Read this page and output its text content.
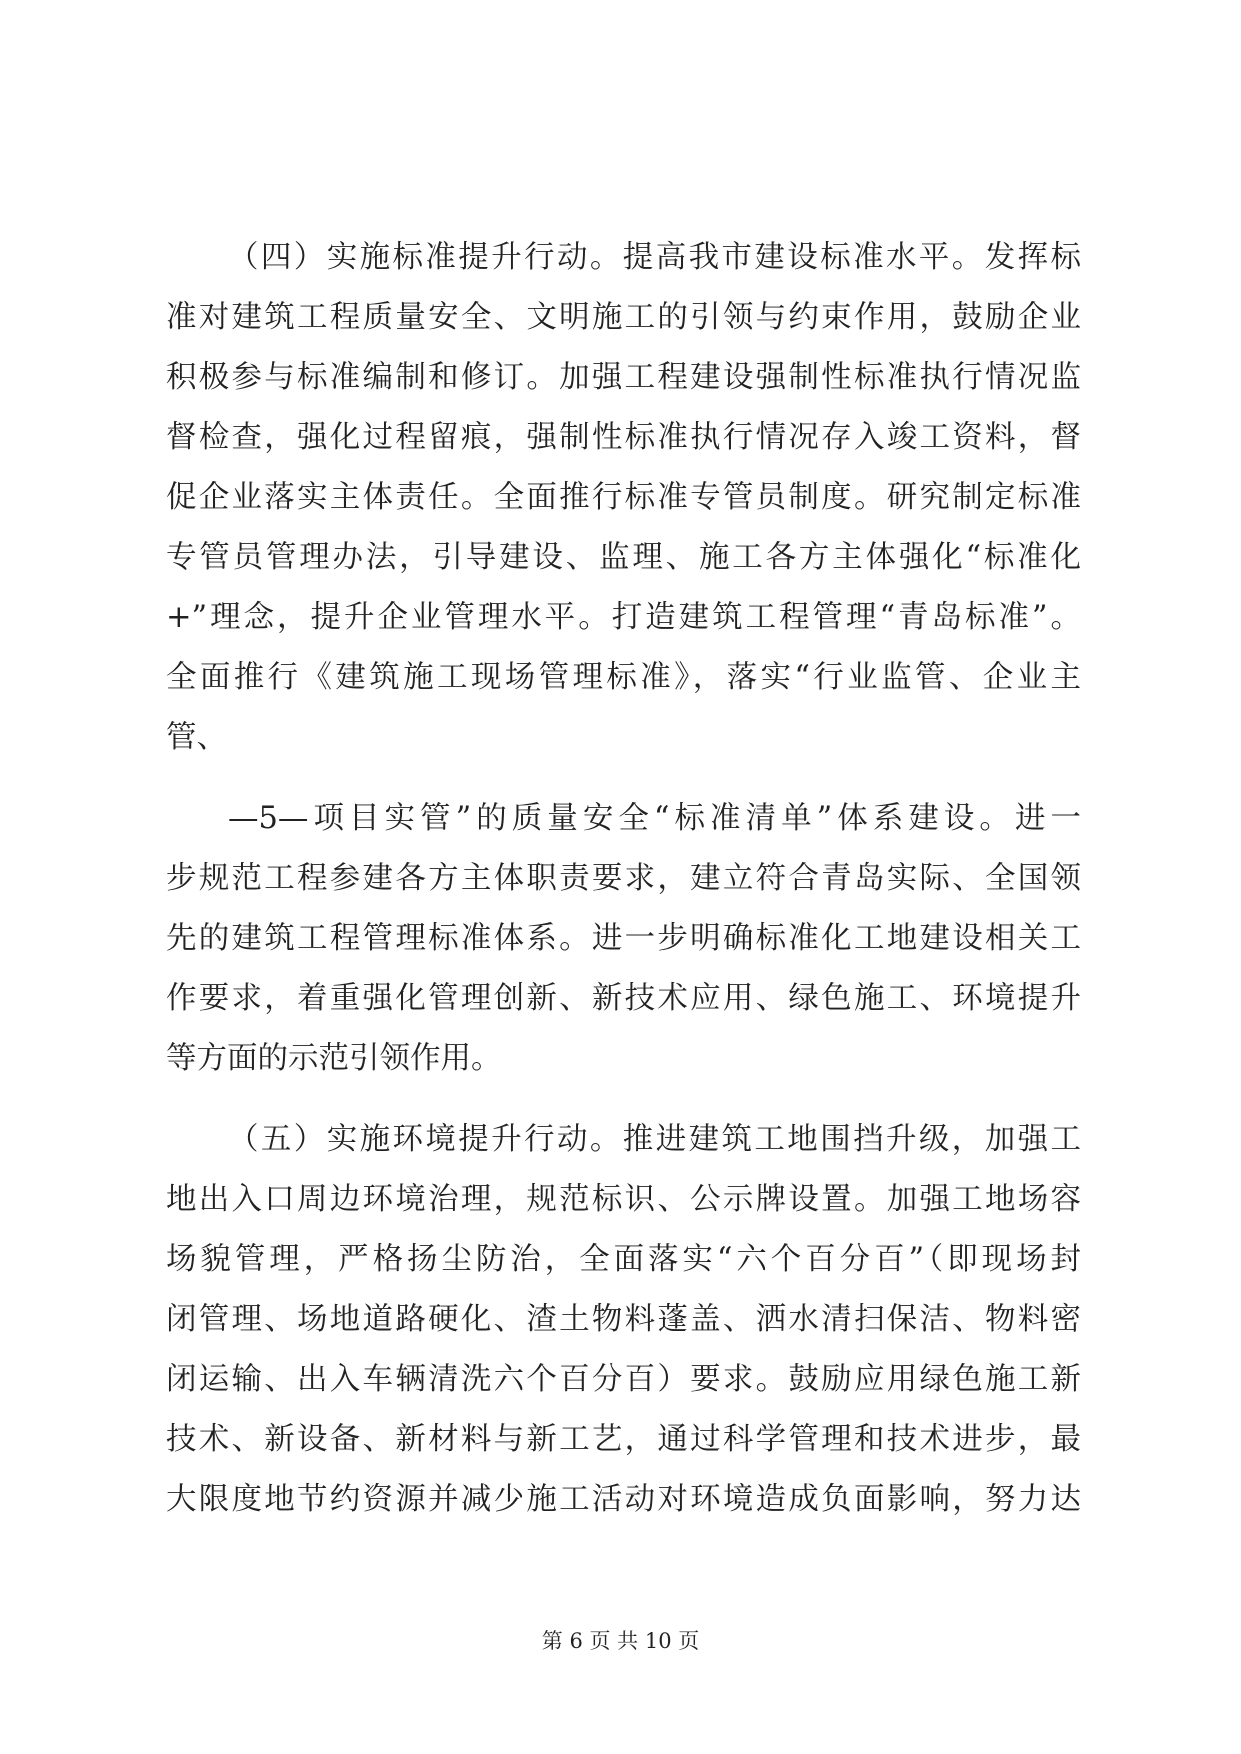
（四）实施标准提升行动。提高我市建设标准水平。发挥标
准对建筑工程质量安全、文明施工的引领与约束作用，鼓励企业
积极参与标准编制和修订。加强工程建设强制性标准执行情况监
督检查，强化过程留痕，强制性标准执行情况存入竣工资料，督
促企业落实主体责任。全面推行标准专管员制度。研究制定标准
专管员管理办法，引导建设、监理、施工各方主体强化“标准化
+”理念，提升企业管理水平。打造建筑工程管理“青岛标准”。
全面推行《建筑施工现场管理标准》，落实“行业监管、企业主
管、
—5—项目实管”的质量安全“标准清单”体系建设。进一
步规范工程参建各方主体职责要求，建立符合青岛实际、全国领
先的建筑工程管理标准体系。进一步明确标准化工地建设相关工
作要求，着重强化管理创新、新技术应用、绿色施工、环境提升
等方面的示范引领作用。
（五）实施环境提升行动。推进建筑工地围挡升级，加强工
地出入口周边环境治理，规范标识、公示牌设置。加强工地场容
场貌管理，严格扬尘防治，全面落实“六个百分百”（即现场封
闭管理、场地道路硬化、渣土物料蓬盖、洒水清扫保洁、物料密
闭运输、出入车辆清洗六个百分百）要求。鼓励应用绿色施工新
技术、新设备、新材料与新工艺，通过科学管理和技术进步，最
大限度地节约资源并减少施工活动对环境造成负面影响，努力达
第 6 页 共 10 页
